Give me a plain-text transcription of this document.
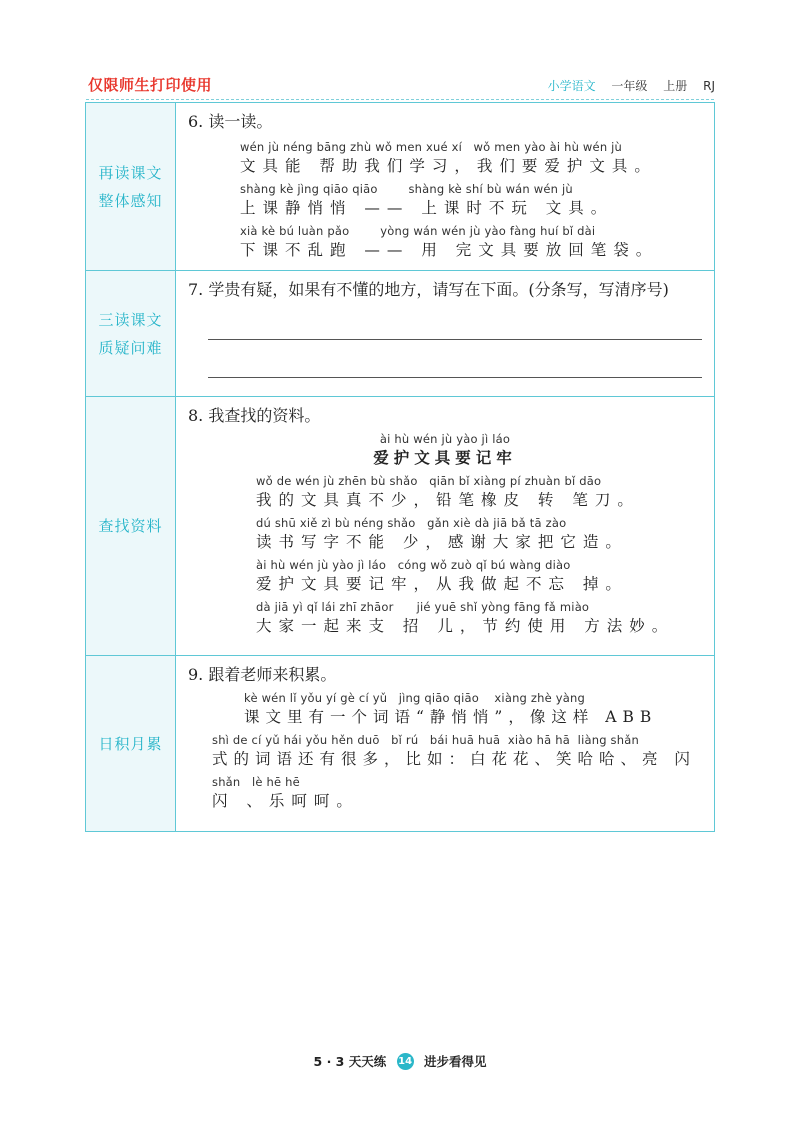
仅限师生打印使用	小学语文 一年级 上册 RJ
再读课文
整体感知
6. 读一读。
wén jù néng bāng zhù wǒ men xué xí   wǒ men yào ài hù wén jù
文具能 帮助我们学习，我们要爱护文具。
shàng kè jìng qiāo qiāo        shàng kè shí bù wán wén jù
上课静悄悄 —— 上课时不玩 文具。
xià kè bú luàn pǎo        yòng wán wén jù yào fàng huí bǐ dài
下课不乱跑 —— 用 完文具要放回笔袋。
三读课文
质疑问难
7. 学贵有疑，如果有不懂的地方，请写在下面。(分条写，写清序号)
查找资料
8. 我查找的资料。
ài hù wén jù yào jì láo
爱护文具要记牢
wǒ de wén jù zhēn bù shǎo   qiān bǐ xiàng pí zhuàn bǐ dāo
我的文具真不少，铅笔橡皮 转 笔刀。
dú shū xiě zì bù néng shǎo   gǎn xiè dà jiā bǎ tā zào
读书写字不能 少，感谢大家把它造。
ài hù wén jù yào jì láo   cóng wǒ zuò qǐ bú wàng diào
爱护文具要记牢，从我做起不忘 掉。
dà jiā yì qǐ lái zhī zhāor      jié yuē shǐ yòng fāng fǎ miào
大家一起来支 招 儿，节约使用 方法妙。
日积月累
9. 跟着老师来积累。
kè wén lǐ yǒu yí gè cí yǔ   jìng qiāo qiāo    xiàng zhè yàng
课文里有一个词语“静悄悄”，像这样 ABB
shì de cí yǔ hái yǒu hěn duō   bǐ rú   bái huā huā  xiào hā hā  liàng shǎn
式的词语还有很多，比如：白花花、笑哈哈、亮 闪
shǎn   lè hē hē
闪 、乐呵呵。
5 · 3 天天练 14 进步看得见
